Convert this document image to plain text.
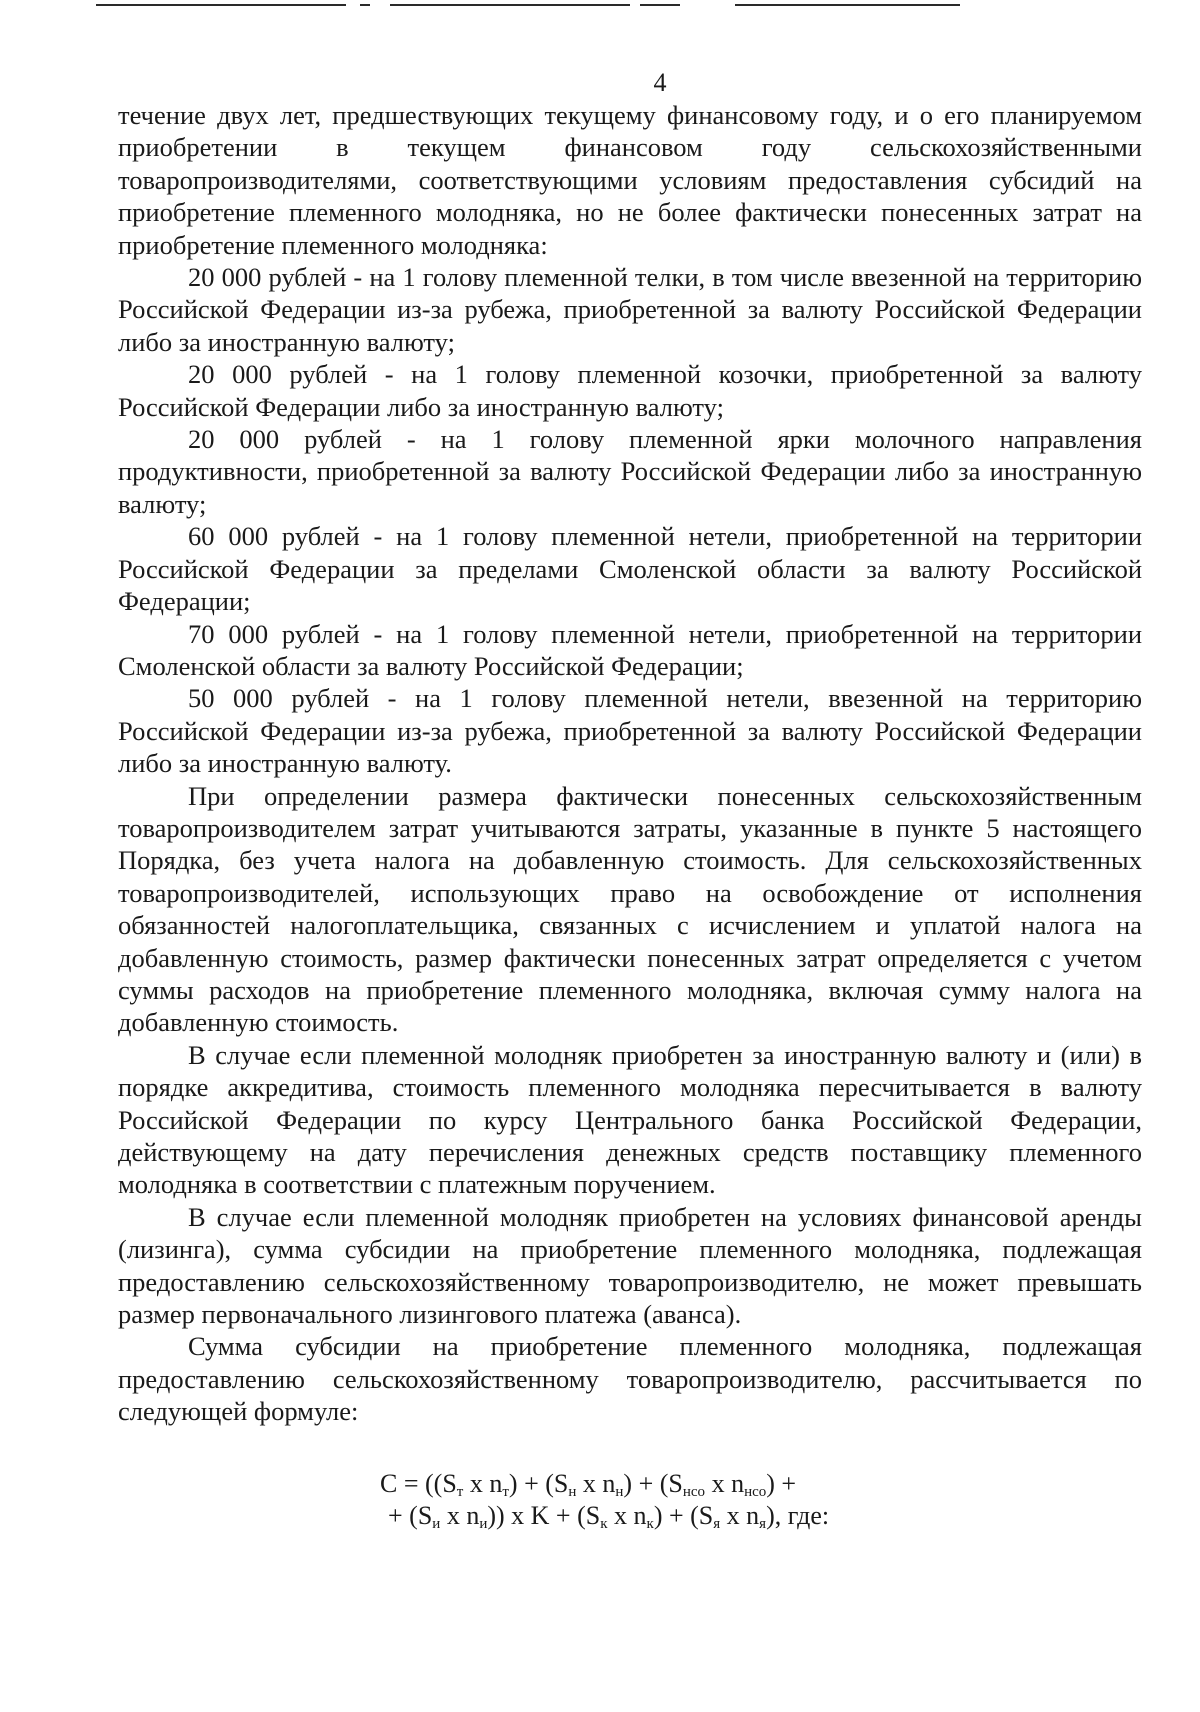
4

течение двух лет, предшествующих текущему финансовому году, и о его планируемом приобретении в текущем финансовом году сельскохозяйственными товаропроизводителями, соответствующими условиям предоставления субсидий на приобретение племенного молодняка, но не более фактически понесенных затрат на приобретение племенного молодняка:

20 000 рублей - на 1 голову племенной телки, в том числе ввезенной на территорию Российской Федерации из-за рубежа, приобретенной за валюту Российской Федерации либо за иностранную валюту;

20 000 рублей - на 1 голову племенной козочки, приобретенной за валюту Российской Федерации либо за иностранную валюту;

20 000 рублей - на 1 голову племенной ярки молочного направления продуктивности, приобретенной за валюту Российской Федерации либо за иностранную валюту;

60 000 рублей - на 1 голову племенной нетели, приобретенной на территории Российской Федерации за пределами Смоленской области за валюту Российской Федерации;

70 000 рублей - на 1 голову племенной нетели, приобретенной на территории Смоленской области за валюту Российской Федерации;

50 000 рублей - на 1 голову племенной нетели, ввезенной на территорию Российской Федерации из-за рубежа, приобретенной за валюту Российской Федерации либо за иностранную валюту.

При определении размера фактически понесенных сельскохозяйственным товаропроизводителем затрат учитываются затраты, указанные в пункте 5 настоящего Порядка, без учета налога на добавленную стоимость. Для сельскохозяйственных товаропроизводителей, использующих право на освобождение от исполнения обязанностей налогоплательщика, связанных с исчислением и уплатой налога на добавленную стоимость, размер фактически понесенных затрат определяется с учетом суммы расходов на приобретение племенного молодняка, включая сумму налога на добавленную стоимость.

В случае если племенной молодняк приобретен за иностранную валюту и (или) в порядке аккредитива, стоимость племенного молодняка пересчитывается в валюту Российской Федерации по курсу Центрального банка Российской Федерации, действующему на дату перечисления денежных средств поставщику племенного молодняка в соответствии с платежным поручением.

В случае если племенной молодняк приобретен на условиях финансовой аренды (лизинга), сумма субсидии на приобретение племенного молодняка, подлежащая предоставлению сельскохозяйственному товаропроизводителю, не может превышать размер первоначального лизингового платежа (аванса).

Сумма субсидии на приобретение племенного молодняка, подлежащая предоставлению сельскохозяйственному товаропроизводителю, рассчитывается по следующей формуле:

$C = ((S_т$ x $n_т) + (S_н$ x $n_н) + (S_{нсо}$ x $n_{нсо}$) +
+ ($S_и$ x $n_и$)) x $K + (S_к$ x $n_к) + (S_я$ x $n_я$), где:
